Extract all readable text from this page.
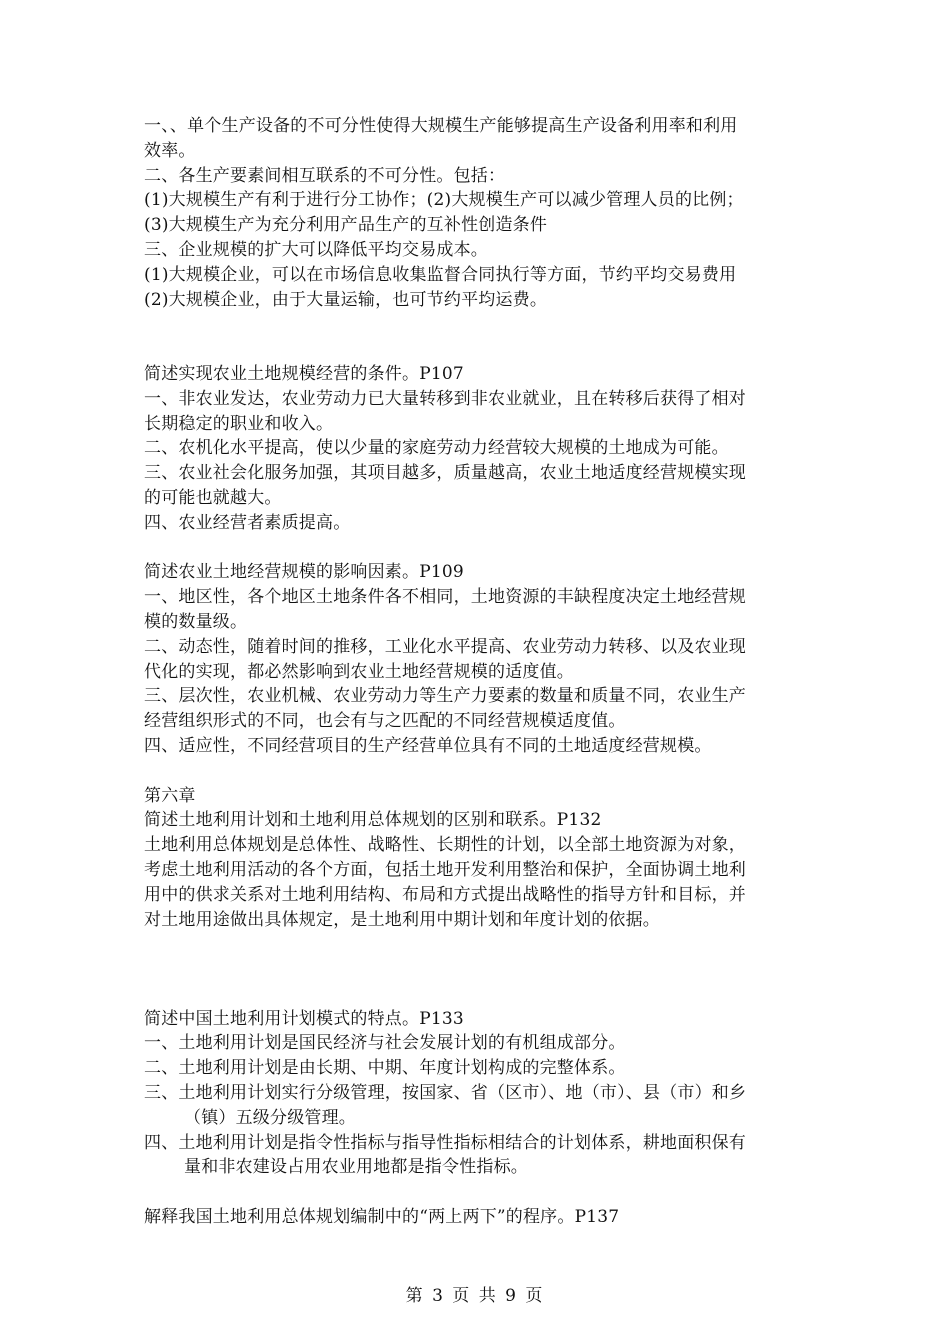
一、、单个生产设备的不可分性使得大规模生产能够提高生产设备利用率和利用
效率。
二、各生产要素间相互联系的不可分性。包括：
(1)大规模生产有利于进行分工协作；(2)大规模生产可以减少管理人员的比例；
(3)大规模生产为充分利用产品生产的互补性创造条件
三、企业规模的扩大可以降低平均交易成本。
(1)大规模企业，可以在市场信息收集监督合同执行等方面，节约平均交易费用
(2)大规模企业，由于大量运输，也可节约平均运费。
简述实现农业土地规模经营的条件。P107
一、非农业发达，农业劳动力已大量转移到非农业就业，且在转移后获得了相对
长期稳定的职业和收入。
二、农机化水平提高，使以少量的家庭劳动力经营较大规模的土地成为可能。
三、农业社会化服务加强，其项目越多，质量越高，农业土地适度经营规模实现
的可能也就越大。
四、农业经营者素质提高。
简述农业土地经营规模的影响因素。P109
一、地区性，各个地区土地条件各不相同，土地资源的丰缺程度决定土地经营规
模的数量级。
二、动态性，随着时间的推移，工业化水平提高、农业劳动力转移、以及农业现
代化的实现，都必然影响到农业土地经营规模的适度值。
三、层次性，农业机械、农业劳动力等生产力要素的数量和质量不同，农业生产
经营组织形式的不同，也会有与之匹配的不同经营规模适度值。
四、适应性，不同经营项目的生产经营单位具有不同的土地适度经营规模。
第六章
简述土地利用计划和土地利用总体规划的区别和联系。P132
土地利用总体规划是总体性、战略性、长期性的计划，以全部土地资源为对象，
考虑土地利用活动的各个方面，包括土地开发利用整治和保护，全面协调土地利
用中的供求关系对土地利用结构、布局和方式提出战略性的指导方针和目标，并
对土地用途做出具体规定，是土地利用中期计划和年度计划的依据。
简述中国土地利用计划模式的特点。P133
一、土地利用计划是国民经济与社会发展计划的有机组成部分。
二、土地利用计划是由长期、中期、年度计划构成的完整体系。
三、土地利用计划实行分级管理，按国家、省（区市）、地（市）、县（市）和乡
（镇）五级分级管理。
四、土地利用计划是指令性指标与指导性指标相结合的计划体系，耕地面积保有
量和非农建设占用农业用地都是指令性指标。
解释我国土地利用总体规划编制中的“两上两下”的程序。P137
第 3 页 共 9 页
